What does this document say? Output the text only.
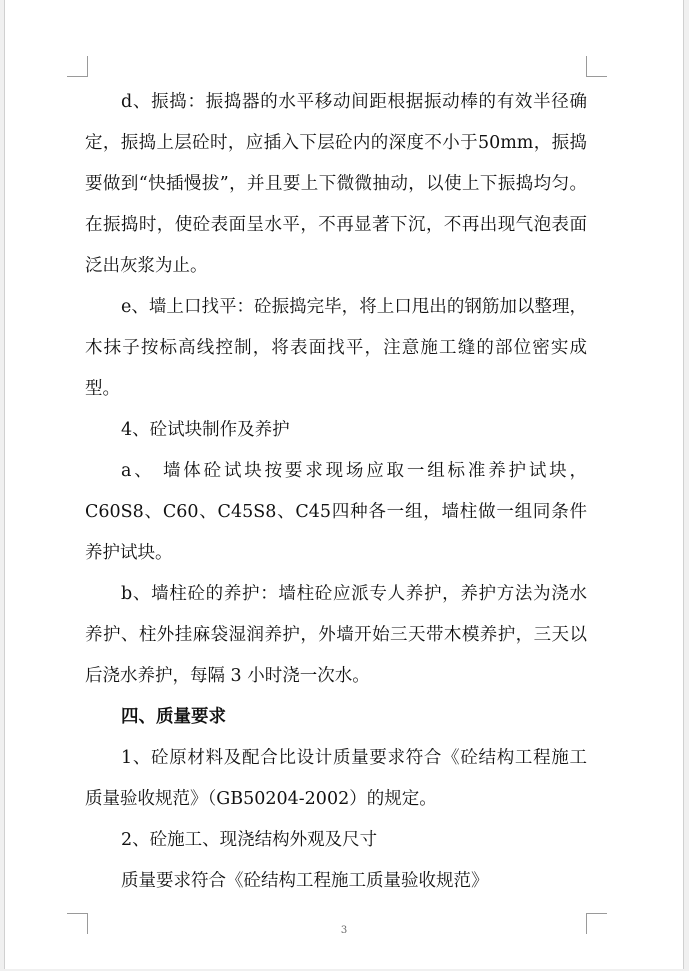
d、振捣：振捣器的水平移动间距根据振动棒的有效半径确定，振捣上层砼时，应插入下层砼内的深度不小于50mm，振捣要做到“快插慢拔”，并且要上下微微抽动，以使上下振捣均匀。在振捣时，使砼表面呈水平，不再显著下沉，不再出现气泡表面泛出灰浆为止。

e、墙上口找平：砼振捣完毕，将上口甩出的钢筋加以整理，木抹子按标高线控制，将表面找平，注意施工缝的部位密实成型。

4、砼试块制作及养护

a、 墙体砼试块按要求现场应取一组标准养护试块，C60S8、C60、C45S8、C45四种各一组，墙柱做一组同条件养护试块。

b、墙柱砼的养护：墙柱砼应派专人养护，养护方法为浇水养护、柱外挂麻袋湿润养护，外墙开始三天带木模养护，三天以后浇水养护，每隔 3 小时浇一次水。

四、质量要求

1、砼原材料及配合比设计质量要求符合《砼结构工程施工质量验收规范》（GB50204-2002）的规定。

2、砼施工、现浇结构外观及尺寸

质量要求符合《砼结构工程施工质量验收规范》

3
